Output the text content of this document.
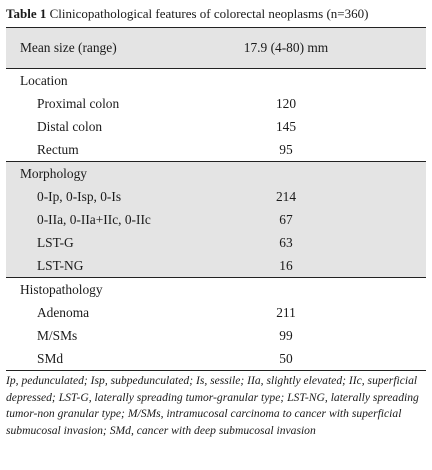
Table 1 Clinicopathological features of colorectal neoplasms (n=360)
Mean size (range)	17.9 (4-80) mm
Location
Proximal colon	120
Distal colon	145
Rectum	95
Morphology
0-Ip, 0-Isp, 0-Is	214
0-IIa, 0-IIa+IIc, 0-IIc	67
LST-G	63
LST-NG	16
Histopathology
Adenoma	211
M/SMs	99
SMd	50
Ip, pedunculated; Isp, subpedunculated; Is, sessile; IIa, slightly elevated; IIc, superficial depressed; LST-G, laterally spreading tumor-granular type; LST-NG, laterally spreading tumor-non granular type; M/SMs, intramucosal carcinoma to cancer with superficial submucosal invasion; SMd, cancer with deep submucosal invasion
